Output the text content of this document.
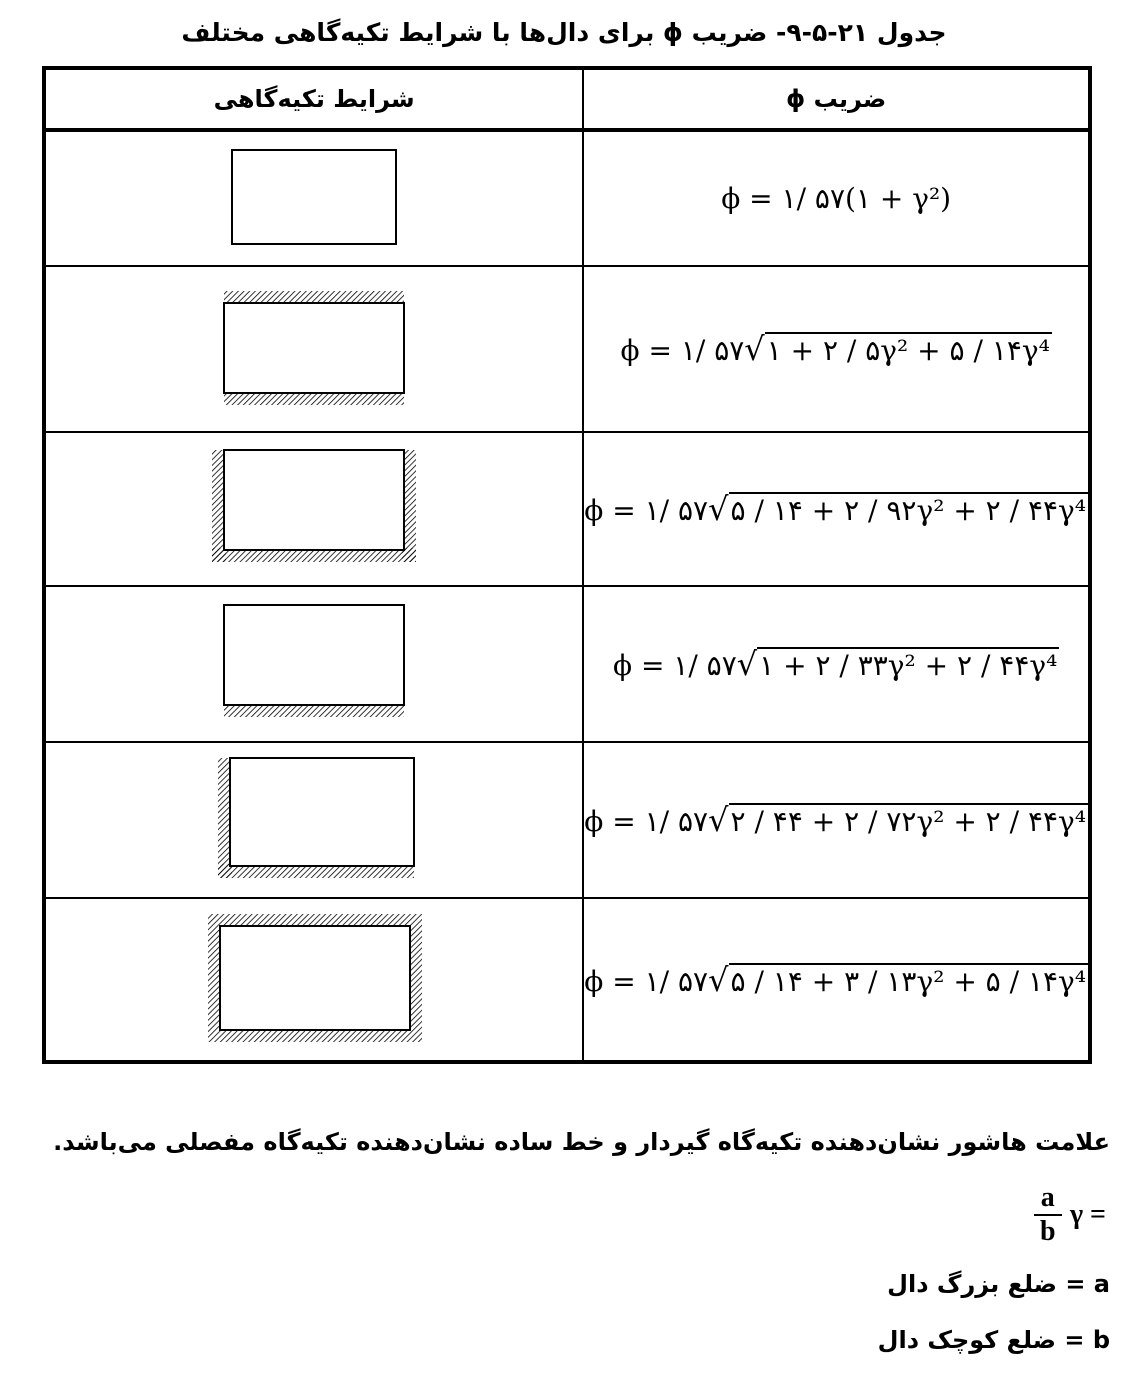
جدول ۲۱-۵-۹- ضریب ϕ برای دال‌ها با شرایط تکیه‌گاهی مختلف
شرایط تکیه‌گاهی	ضریب ϕ
	ϕ = ۱/ ۵۷(۱ + γ²)
	ϕ = ۱/ ۵۷√۱ + ۲ / ۵γ² + ۵ / ۱۴γ⁴
	ϕ = ۱/ ۵۷√۵ / ۱۴ + ۲ / ۹۲γ² + ۲ / ۴۴γ⁴
	ϕ = ۱/ ۵۷√۱ + ۲ / ۳۳γ² + ۲ / ۴۴γ⁴
	ϕ = ۱/ ۵۷√۲ / ۴۴ + ۲ / ۷۲γ² + ۲ / ۴۴γ⁴
	ϕ = ۱/ ۵۷√۵ / ۱۴ + ۳ / ۱۳γ² + ۵ / ۱۴γ⁴
علامت هاشور نشان‌دهنده تکیه‌گاه گیردار و خط ساده نشان‌دهنده تکیه‌گاه مفصلی می‌باشد.
$\frac{a}{b}$ γ =
a = ضلع بزرگ دال
b = ضلع کوچک دال
